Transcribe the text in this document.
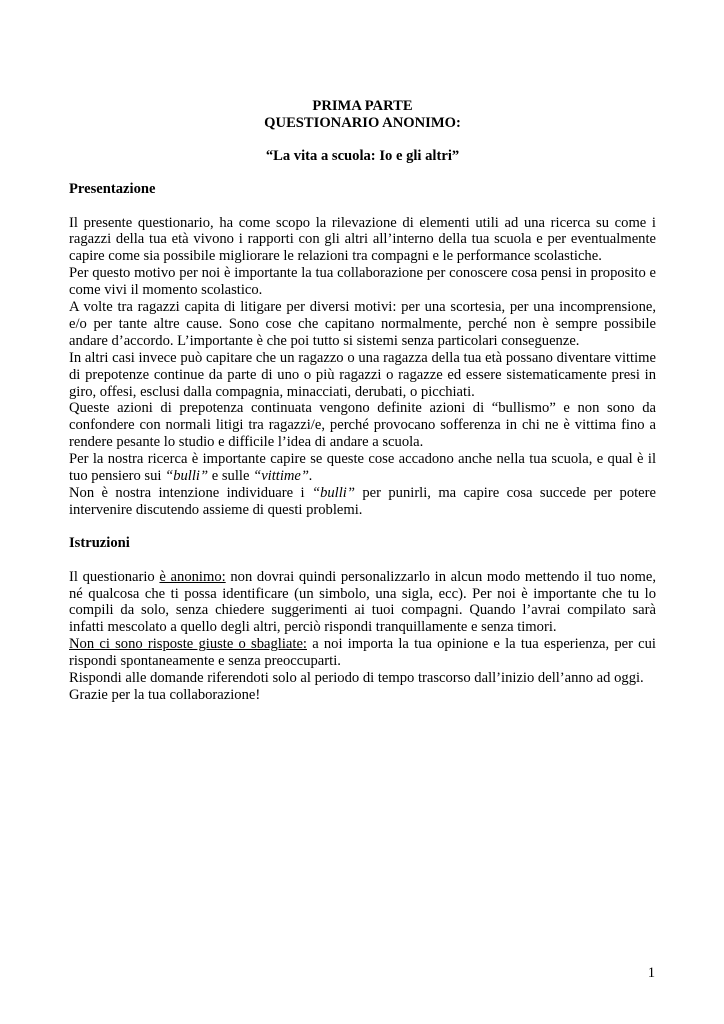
PRIMA PARTE
QUESTIONARIO ANONIMO:
“La vita a scuola: Io e gli altri”
Presentazione

Il presente questionario, ha come scopo la rilevazione di elementi utili ad una ricerca su come i ragazzi della tua età vivono i rapporti con gli altri all’interno della tua scuola e per eventualmente capire come sia possibile migliorare le relazioni tra compagni e le performance scolastiche.

Per questo motivo per noi è importante la tua collaborazione per conoscere cosa pensi in proposito e come vivi il momento scolastico.

A volte tra ragazzi capita di litigare per diversi motivi: per una scortesia, per una incomprensione, e/o per tante altre cause. Sono cose che capitano normalmente, perché non è sempre possibile andare d’accordo. L’importante è che poi tutto si sistemi senza particolari conseguenze.

In altri casi invece può capitare che un ragazzo o una ragazza della tua età possano diventare vittime di prepotenze continue da parte di uno o più ragazzi o ragazze ed essere sistematicamente presi in giro, offesi, esclusi dalla compagnia, minacciati, derubati, o picchiati.

Queste azioni di prepotenza continuata vengono definite azioni di “bullismo” e non sono da confondere con normali litigi tra ragazzi/e, perché provocano sofferenza in chi ne è vittima fino a rendere pesante lo studio e difficile l’idea di andare a scuola.

Per la nostra ricerca è importante capire se queste cose accadono anche nella tua scuola, e qual è il tuo pensiero sui “bulli” e sulle “vittime”.

Non è nostra intenzione individuare i “bulli” per punirli, ma capire cosa succede per potere intervenire discutendo assieme di questi problemi.

Istruzioni

Il questionario è anonimo: non dovrai quindi personalizzarlo in alcun modo mettendo il tuo nome, né qualcosa che ti possa identificare (un simbolo, una sigla, ecc). Per noi è importante che tu lo compili da solo, senza chiedere suggerimenti ai tuoi compagni. Quando l’avrai compilato sarà infatti mescolato a quello degli altri, perciò rispondi tranquillamente e senza timori.

Non ci sono risposte giuste o sbagliate: a noi importa la tua opinione e la tua esperienza, per cui rispondi spontaneamente e senza preoccuparti.

Rispondi alle domande riferendoti solo al periodo di tempo trascorso dall’inizio dell’anno ad oggi.

Grazie per la tua collaborazione!

1
